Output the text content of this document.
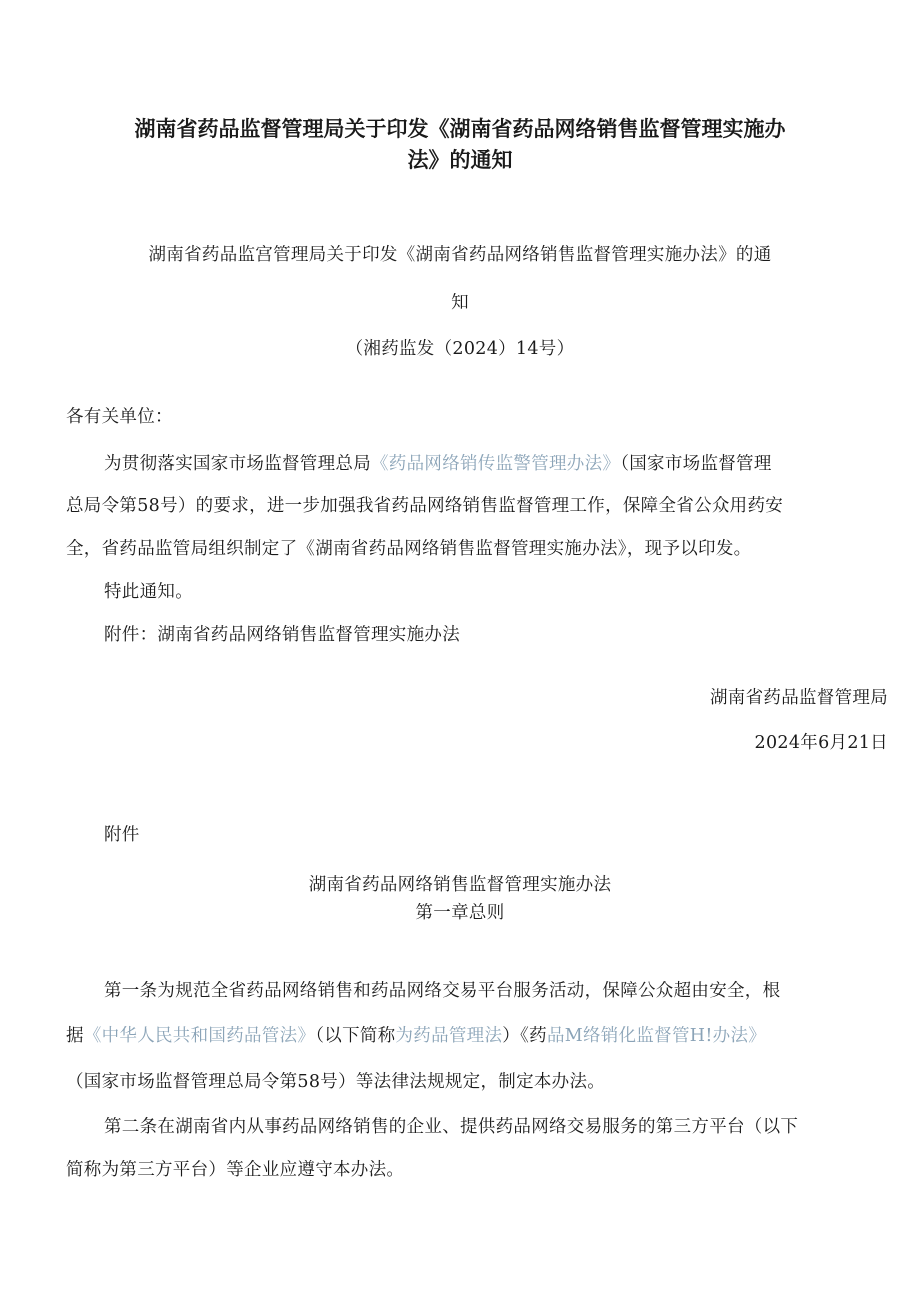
湖南省药品监督管理局关于印发《湖南省药品网络销售监督管理实施办
法》的通知
湖南省药品监宫管理局关于印发《湖南省药品网络销售监督管理实施办法》的通
知
（湘药监发（2024）14号）
各有关单位：
为贯彻落实国家市场监督管理总局《药品网络销传监警管理办法》（国家市场监督管理
总局令第58号）的要求，进一步加强我省药品网络销售监督管理工作，保障全省公众用药安
全，省药品监管局组织制定了《湖南省药品网络销售监督管理实施办法》，现予以印发。
特此通知。
附件：湖南省药品网络销售监督管理实施办法
湖南省药品监督管理局
2024年6月21日
附件
湖南省药品网络销售监督管理实施办法
第一章总则
第一条为规范全省药品网络销售和药品网络交易平台服务活动，保障公众超由安全，根
据《中华人民共和国药品管法》（以下简称为药品管理法）《药品M络销化监督管H!办法》
（国家市场监督管理总局令第58号）等法律法规规定，制定本办法。
第二条在湖南省内从事药品网络销售的企业、提供药品网络交易服务的第三方平台（以下
简称为第三方平台）等企业应遵守本办法。
